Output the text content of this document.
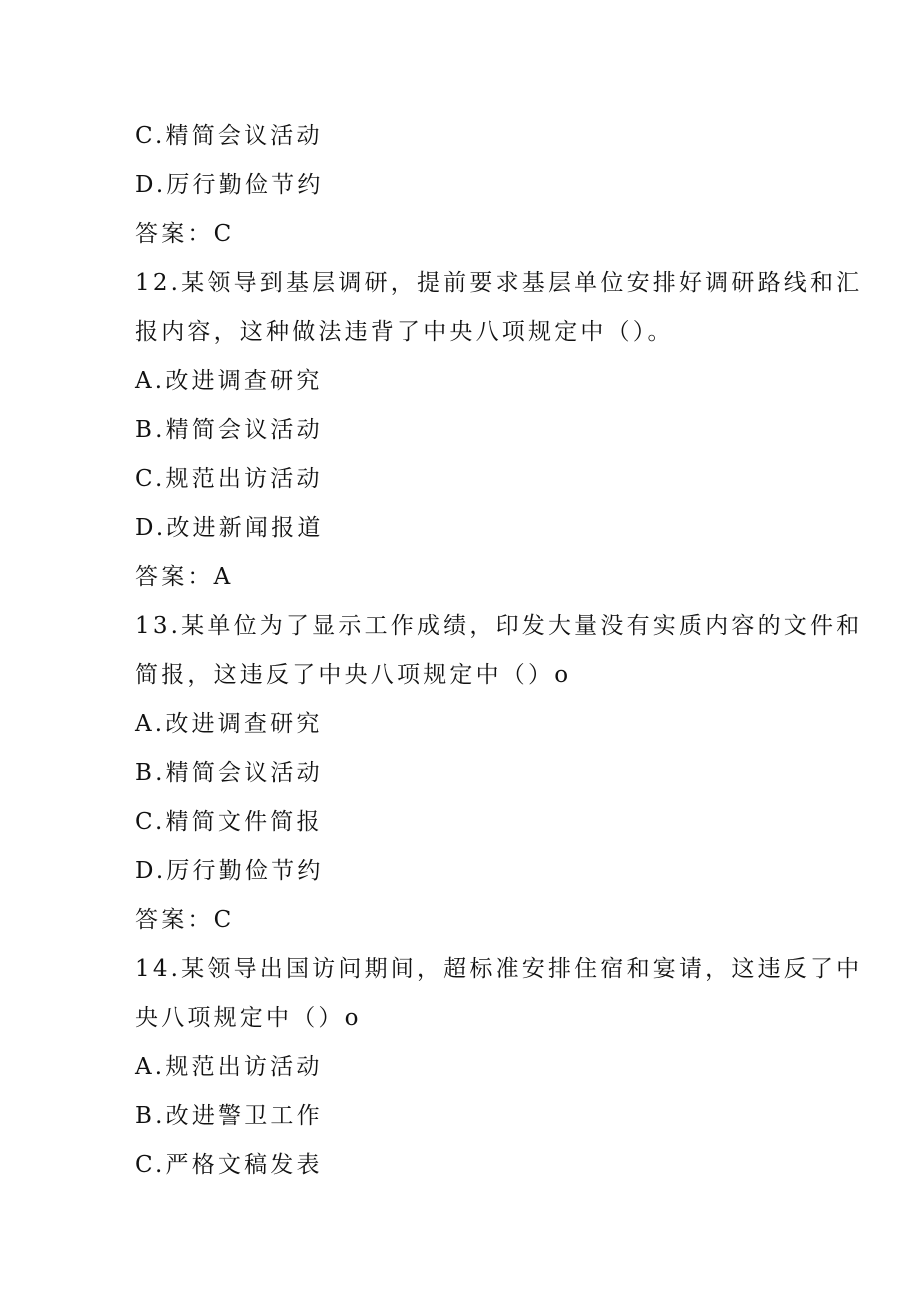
C.精简会议活动
D.厉行勤俭节约
答案：C
12.某领导到基层调研，提前要求基层单位安排好调研路线和汇
报内容，这种做法违背了中央八项规定中（）。
A.改进调查研究
B.精简会议活动
C.规范出访活动
D.改进新闻报道
答案：A
13.某单位为了显示工作成绩，印发大量没有实质内容的文件和
简报，这违反了中央八项规定中（）o
A.改进调查研究
B.精简会议活动
C.精简文件简报
D.厉行勤俭节约
答案：C
14.某领导出国访问期间，超标准安排住宿和宴请，这违反了中
央八项规定中（）o
A.规范出访活动
B.改进警卫工作
C.严格文稿发表
